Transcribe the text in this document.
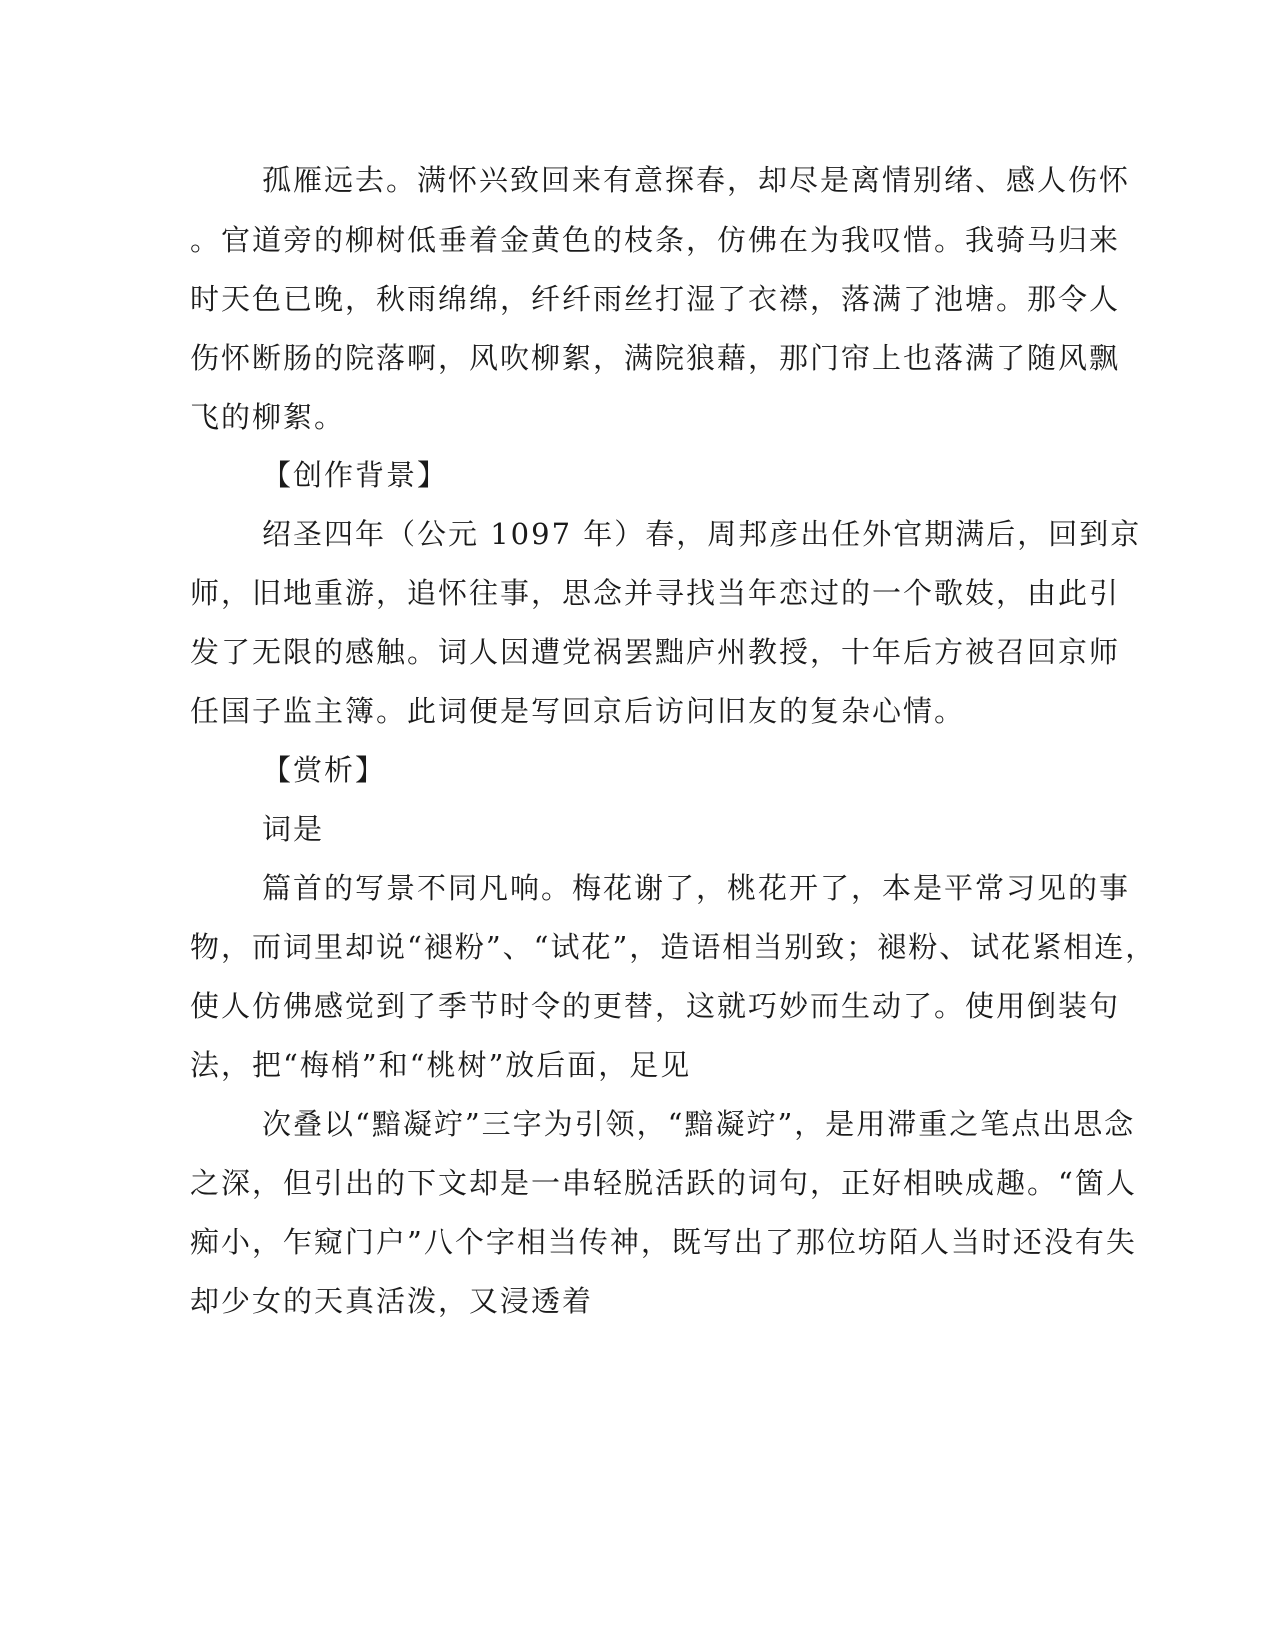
孤雁远去。满怀兴致回来有意探春，却尽是离情别绪、感人伤怀
。官道旁的柳树低垂着金黄色的枝条，仿佛在为我叹惜。我骑马归来
时天色已晚，秋雨绵绵，纤纤雨丝打湿了衣襟，落满了池塘。那令人
伤怀断肠的院落啊，风吹柳絮，满院狼藉，那门帘上也落满了随风飘
飞的柳絮。
【创作背景】
绍圣四年（公元 1097 年）春，周邦彦出任外官期满后，回到京
师，旧地重游，追怀往事，思念并寻找当年恋过的一个歌妓，由此引
发了无限的感触。词人因遭党祸罢黜庐州教授，十年后方被召回京师
任国子监主簿。此词便是写回京后访问旧友的复杂心情。
【赏析】
词是
篇首的写景不同凡响。梅花谢了，桃花开了，本是平常习见的事
物，而词里却说“褪粉”、“试花”，造语相当别致；褪粉、试花紧相连，
使人仿佛感觉到了季节时令的更替，这就巧妙而生动了。使用倒装句
法，把“梅梢”和“桃树”放后面，足见
次叠以“黯凝竚”三字为引领，“黯凝竚”，是用滞重之笔点出思念
之深，但引出的下文却是一串轻脱活跃的词句，正好相映成趣。“箇人
痴小，乍窥门户”八个字相当传神，既写出了那位坊陌人当时还没有失
却少女的天真活泼，又浸透着
